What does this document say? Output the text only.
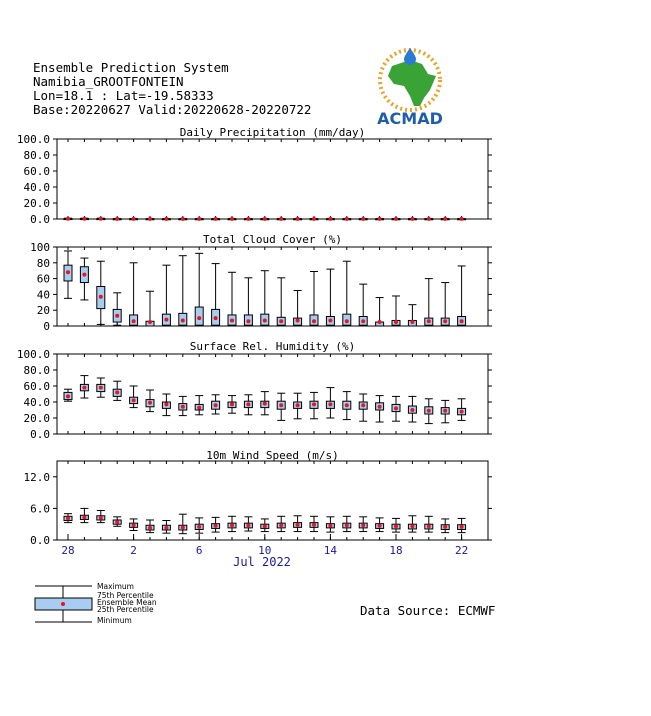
Ensemble Prediction System
Namibia_GROOTFONTEIN
Lon=18.1 : Lat=-19.58333
Base:20220627 Valid:20220628-20220722	ACMAD
Daily Precipitation (mm/day)
0.0
20.0
40.0
60.0
80.0
100.0
Total Cloud Cover (%)
0
20
40
60
80
100
Surface Rel. Humidity (%)
0.0
20.0
40.0
60.0
80.0
100.0
10m Wind Speed (m/s)
0.0
6.0
12.0
28	2	6	10	14	18	22
Jul 2022
Maximum
75th Percentile
Ensemble Mean
25th Percentile
Minimum
Data Source: ECMWF
